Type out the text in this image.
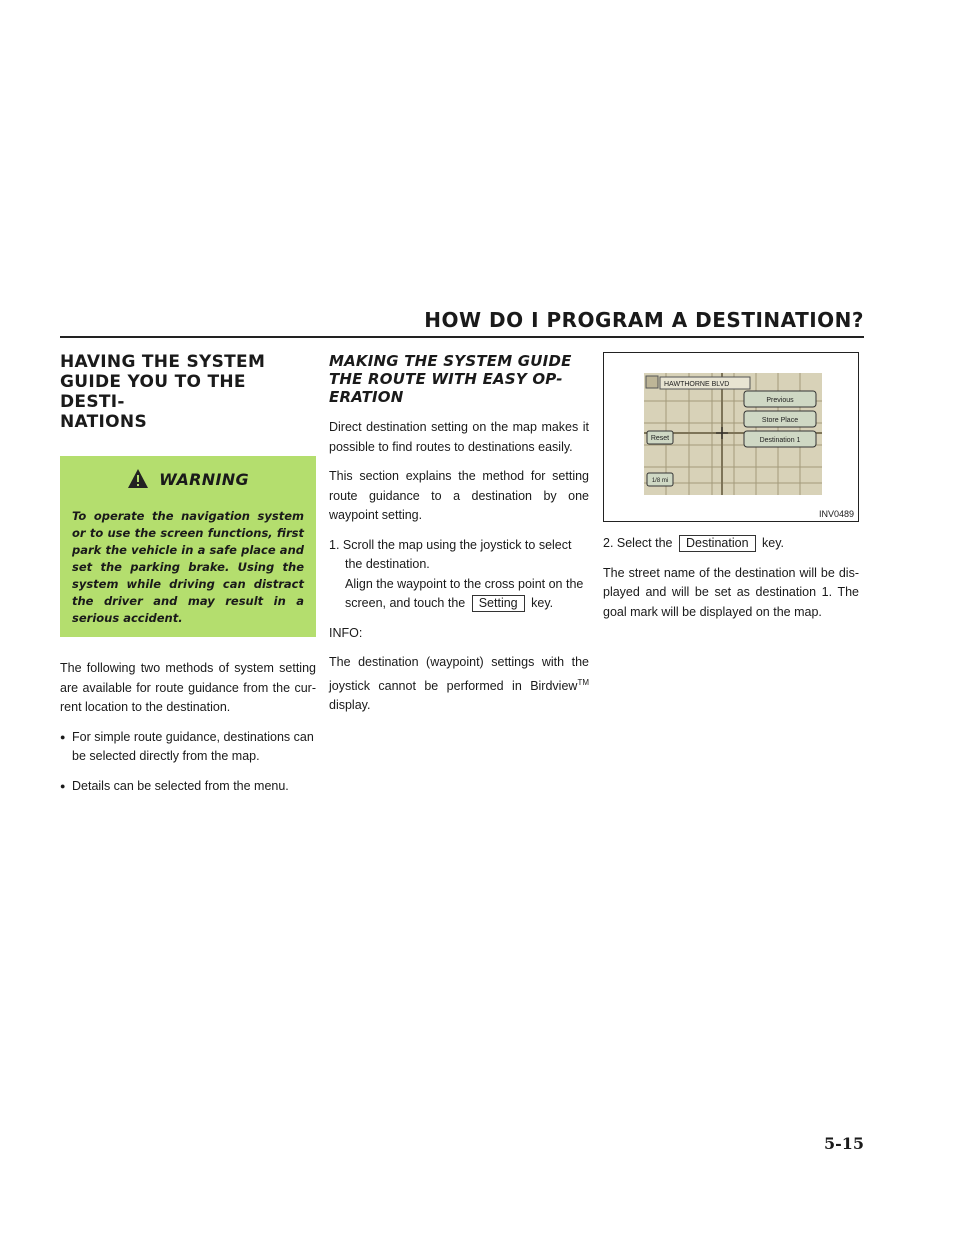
HOW DO I PROGRAM A DESTINATION?
HAVING THE SYSTEM
GUIDE YOU TO THE DESTI-
NATIONS
WARNING
To operate the navigation system or to use the screen functions, first park the vehicle in a safe place and set the parking brake. Using the system while driving can distract the driver and may result in a serious accident.
The following two methods of system setting are available for route guidance from the cur-rent location to the destination.
● For simple route guidance, destinations can be selected directly from the map.
● Details can be selected from the menu.
MAKING THE SYSTEM GUIDE
THE ROUTE WITH EASY OP-
ERATION
Direct destination setting on the map makes it possible to find routes to destinations easily.
This section explains the method for setting route guidance to a destination by one waypoint setting.
1. Scroll the map using the joystick to select
the destination.
Align the waypoint to the cross point on the
screen, and touch the Setting key.
INFO:
The destination (waypoint) settings with the joystick cannot be performed in Birdview™ display.
HAWTHORNE BLVD
Previous
Store Place
Destination 1
Reset
1/8 mi
INV0489
2. Select the Destination key.
The street name of the destination will be dis-played and will be set as destination 1. The goal mark will be displayed on the map.
5-15
